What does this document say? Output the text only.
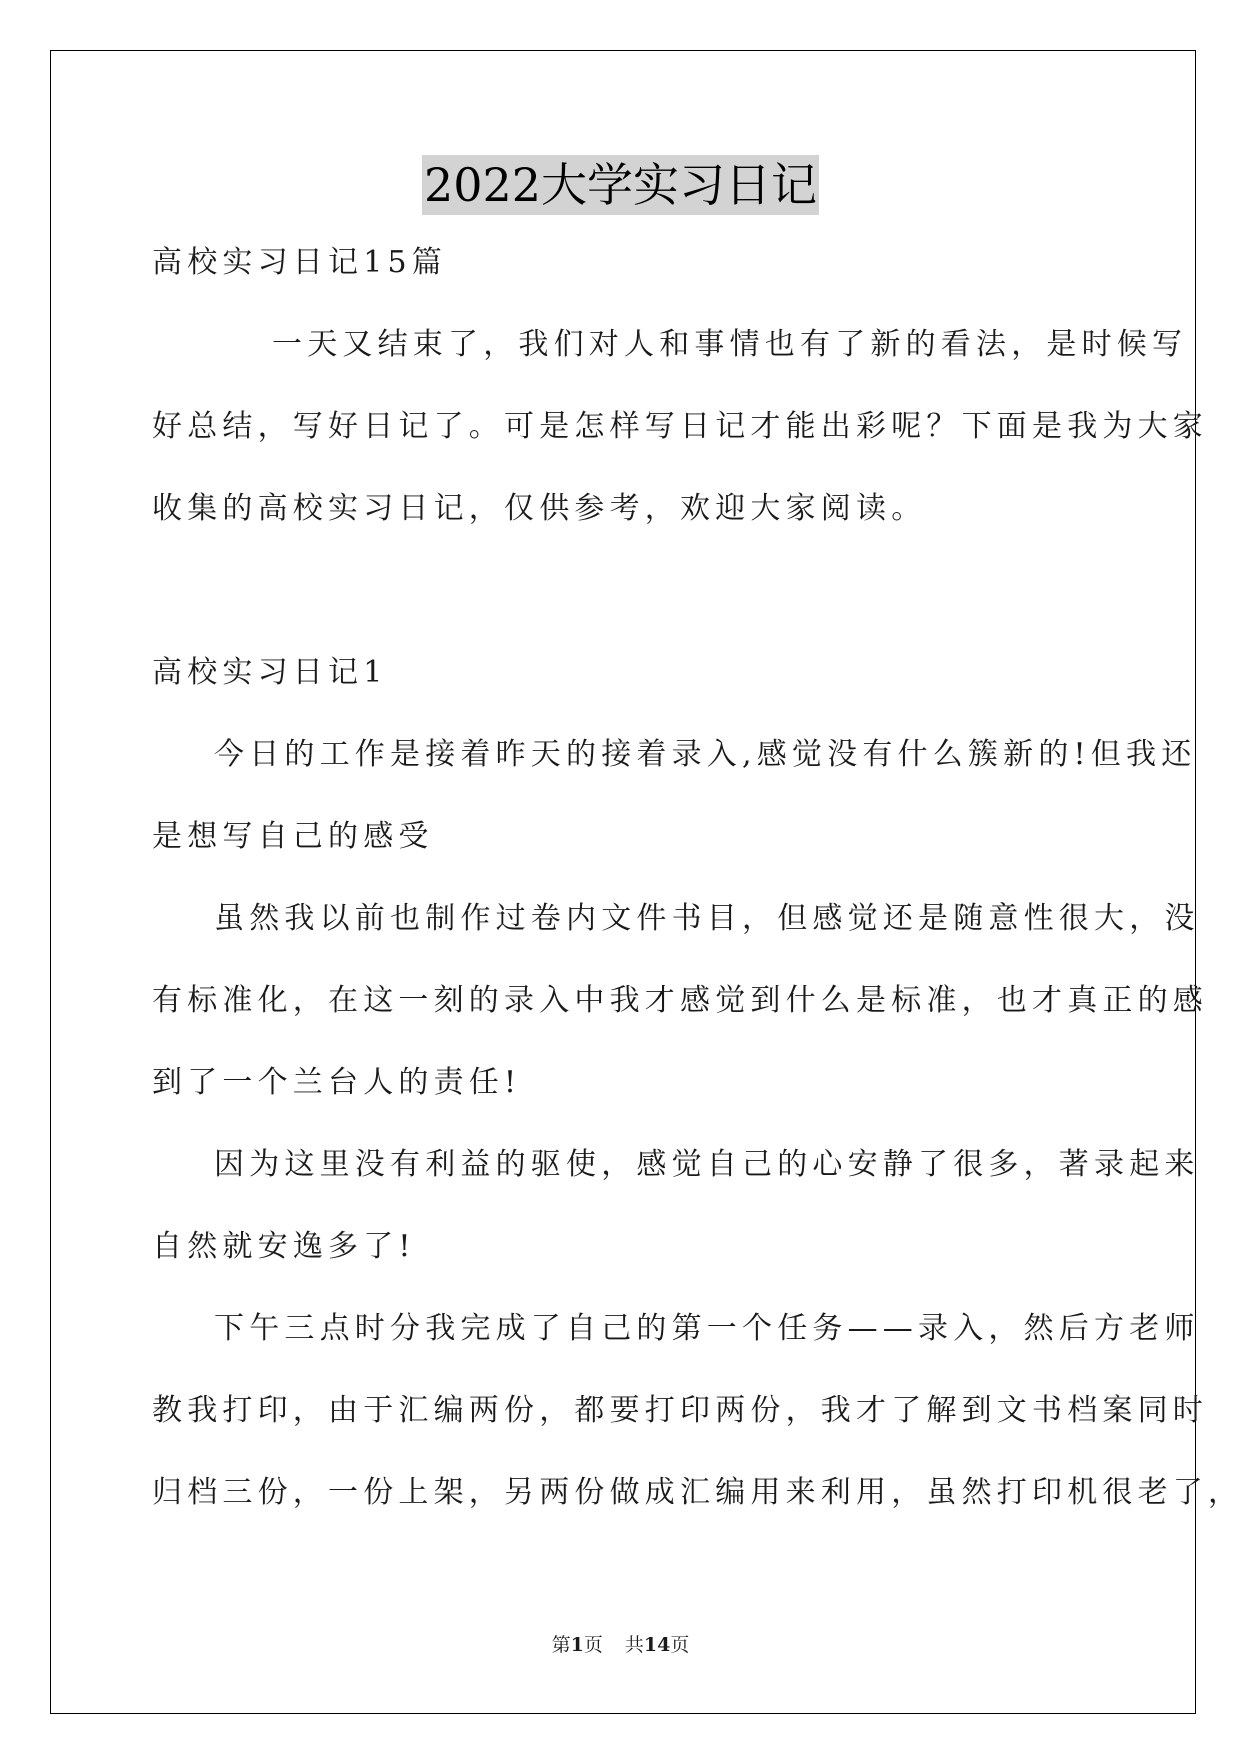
2022大学实习日记
高校实习日记15篇
一天又结束了，我们对人和事情也有了新的看法，是时候写
好总结，写好日记了。可是怎样写日记才能出彩呢？下面是我为大家
收集的高校实习日记，仅供参考，欢迎大家阅读。
高校实习日记1
今日的工作是接着昨天的接着录入,感觉没有什么簇新的!但我还
是想写自己的感受
虽然我以前也制作过卷内文件书目，但感觉还是随意性很大，没
有标准化，在这一刻的录入中我才感觉到什么是标准，也才真正的感
到了一个兰台人的责任!
因为这里没有利益的驱使，感觉自己的心安静了很多，著录起来
自然就安逸多了!
下午三点时分我完成了自己的第一个任务——录入，然后方老师
教我打印，由于汇编两份，都要打印两份，我才了解到文书档案同时
归档三份，一份上架，另两份做成汇编用来利用，虽然打印机很老了，
第1页 共14页
